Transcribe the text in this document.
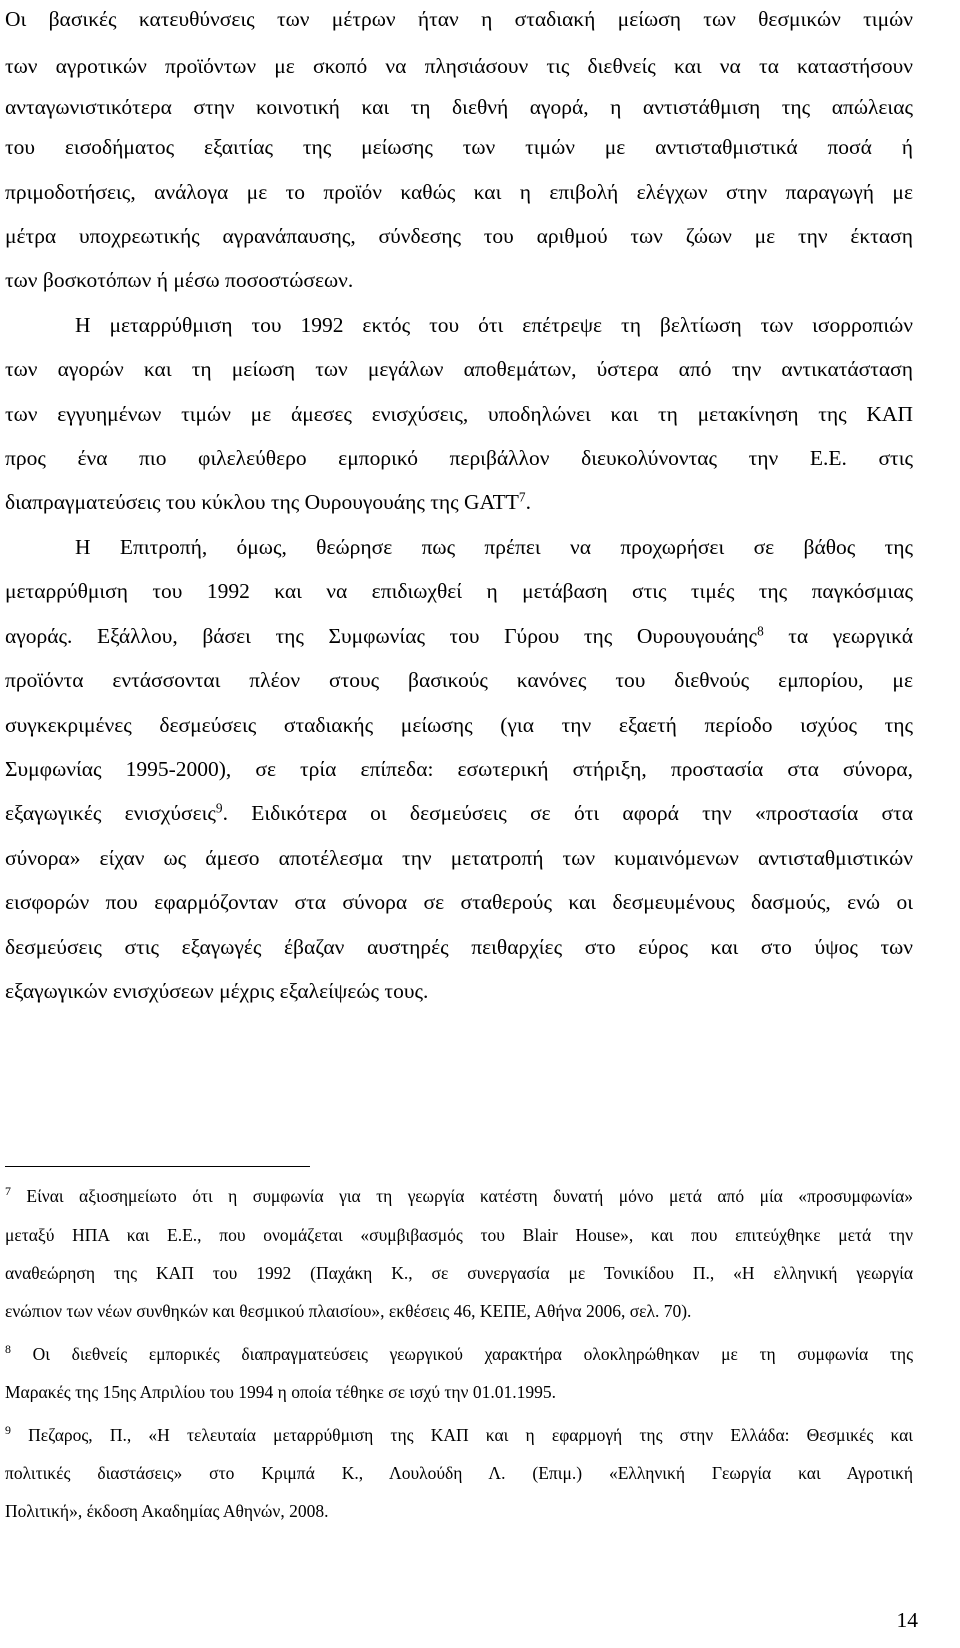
Οι βασικές κατευθύνσεις των μέτρων ήταν η σταδιακή μείωση των θεσμικών τιμών
των αγροτικών προϊόντων με σκοπό να πλησιάσουν τις διεθνείς και να τα καταστήσουν
ανταγωνιστικότερα στην κοινοτική και τη διεθνή αγορά, η αντιστάθμιση της απώλειας
του εισοδήματος εξαιτίας της μείωσης των τιμών με αντισταθμιστικά ποσά ή
πριμοδοτήσεις, ανάλογα με το προϊόν καθώς και η επιβολή ελέγχων στην παραγωγή με
μέτρα υποχρεωτικής αγρανάπαυσης, σύνδεσης του αριθμού των ζώων με την έκταση
των βοσκοτόπων ή μέσω ποσοστώσεων.
Η μεταρρύθμιση του 1992 εκτός του ότι επέτρεψε τη βελτίωση των ισορροπιών
των αγορών και τη μείωση των μεγάλων αποθεμάτων, ύστερα από την αντικατάσταση
των εγγυημένων τιμών με άμεσες ενισχύσεις, υποδηλώνει και τη μετακίνηση της ΚΑΠ
προς ένα πιο φιλελεύθερο εμπορικό περιβάλλον διευκολύνοντας την Ε.Ε. στις
διαπραγματεύσεις του κύκλου της Ουρουγουάης της GATT$^7$.
Η Επιτροπή, όμως, θεώρησε πως πρέπει να προχωρήσει σε βάθος της
μεταρρύθμιση του 1992 και να επιδιωχθεί η μετάβαση στις τιμές της παγκόσμιας
αγοράς. Εξάλλου, βάσει της Συμφωνίας του Γύρου της Ουρουγουάης$^8$ τα γεωργικά
προϊόντα εντάσσονται πλέον στους βασικούς κανόνες του διεθνούς εμπορίου, με
συγκεκριμένες δεσμεύσεις σταδιακής μείωσης (για την εξαετή περίοδο ισχύος της
Συμφωνίας 1995-2000), σε τρία επίπεδα: εσωτερική στήριξη, προστασία στα σύνορα,
εξαγωγικές ενισχύσεις$^9$. Ειδικότερα οι δεσμεύσεις σε ότι αφορά την «προστασία στα
σύνορα» είχαν ως άμεσο αποτέλεσμα την μετατροπή των κυμαινόμενων αντισταθμιστικών
εισφορών που εφαρμόζονταν στα σύνορα σε σταθερούς και δεσμευμένους δασμούς, ενώ οι
δεσμεύσεις στις εξαγωγές έβαζαν αυστηρές πειθαρχίες στο εύρος και στο ύψος των
εξαγωγικών ενισχύσεων μέχρις εξαλείψεώς τους.
$^7$ Είναι αξιοσημείωτο ότι η συμφωνία για τη γεωργία κατέστη δυνατή μόνο μετά από μία «προσυμφωνία»
μεταξύ ΗΠΑ και Ε.Ε., που ονομάζεται «συμβιβασμός του Blair House», και που επιτεύχθηκε μετά την
αναθεώρηση της ΚΑΠ του 1992 (Παχάκη Κ., σε συνεργασία με Τονικίδου Π., «Η ελληνική γεωργία
ενώπιον των νέων συνθηκών και θεσμικού πλαισίου», εκθέσεις 46, ΚΕΠΕ, Αθήνα 2006, σελ. 70).
$^8$ Οι διεθνείς εμπορικές διαπραγματεύσεις γεωργικού χαρακτήρα ολοκληρώθηκαν με τη συμφωνία της
Μαρακές της 15ης Απριλίου του 1994 η οποία τέθηκε σε ισχύ την 01.01.1995.
$^9$ Πεζαρος, Π., «Η τελευταία μεταρρύθμιση της ΚΑΠ και η εφαρμογή της στην Ελλάδα: Θεσμικές και
πολιτικές διαστάσεις» στο Κριμπά Κ., Λουλούδη Λ. (Επιμ.) «Ελληνική Γεωργία και Αγροτική
Πολιτική», έκδοση Ακαδημίας Αθηνών, 2008.
14
